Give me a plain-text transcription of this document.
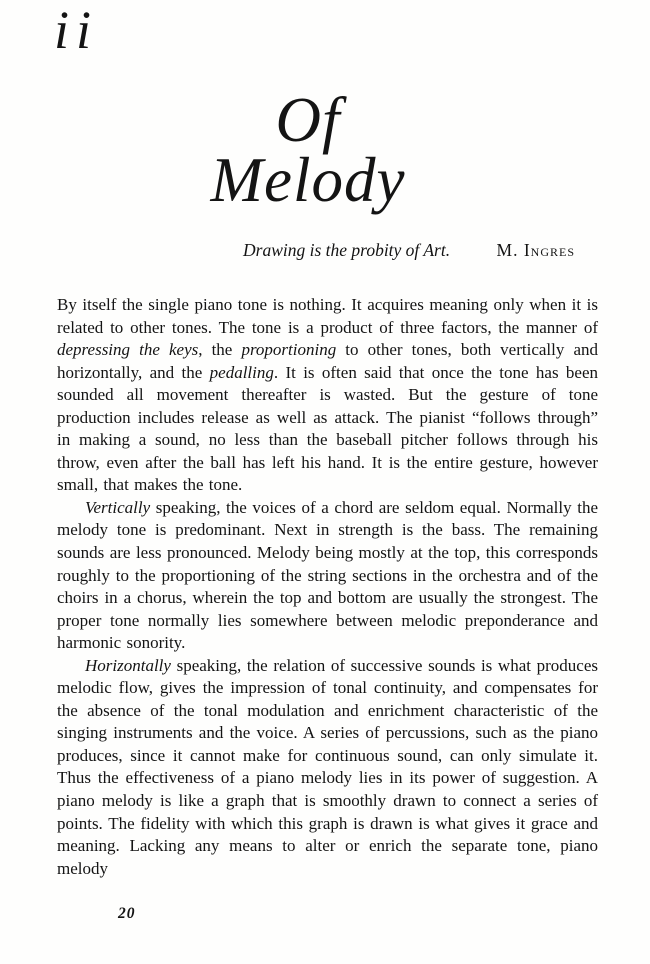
ii
Of
Melody
Drawing is the probity of Art.	M. Ingres

By itself the single piano tone is nothing. It acquires meaning only when it is related to other tones. The tone is a product of three factors, the manner of depressing the keys, the proportioning to other tones, both vertically and horizontally, and the pedalling. It is often said that once the tone has been sounded all movement thereafter is wasted. But the gesture of tone production includes release as well as attack. The pianist “follows through” in making a sound, no less than the baseball pitcher follows through his throw, even after the ball has left his hand. It is the entire gesture, however small, that makes the tone.

Vertically speaking, the voices of a chord are seldom equal. Normally the melody tone is predominant. Next in strength is the bass. The remaining sounds are less pronounced. Melody being mostly at the top, this corresponds roughly to the proportioning of the string sections in the orchestra and of the choirs in a chorus, wherein the top and bottom are usually the strongest. The proper tone normally lies somewhere between melodic preponderance and harmonic sonority.

Horizontally speaking, the relation of successive sounds is what produces melodic flow, gives the impression of tonal continuity, and compensates for the absence of the tonal modulation and enrichment characteristic of the singing instruments and the voice. A series of percussions, such as the piano produces, since it cannot make for continuous sound, can only simulate it. Thus the effectiveness of a piano melody lies in its power of suggestion. A piano melody is like a graph that is smoothly drawn to connect a series of points. The fidelity with which this graph is drawn is what gives it grace and meaning. Lacking any means to alter or enrich the separate tone, piano melody

20
